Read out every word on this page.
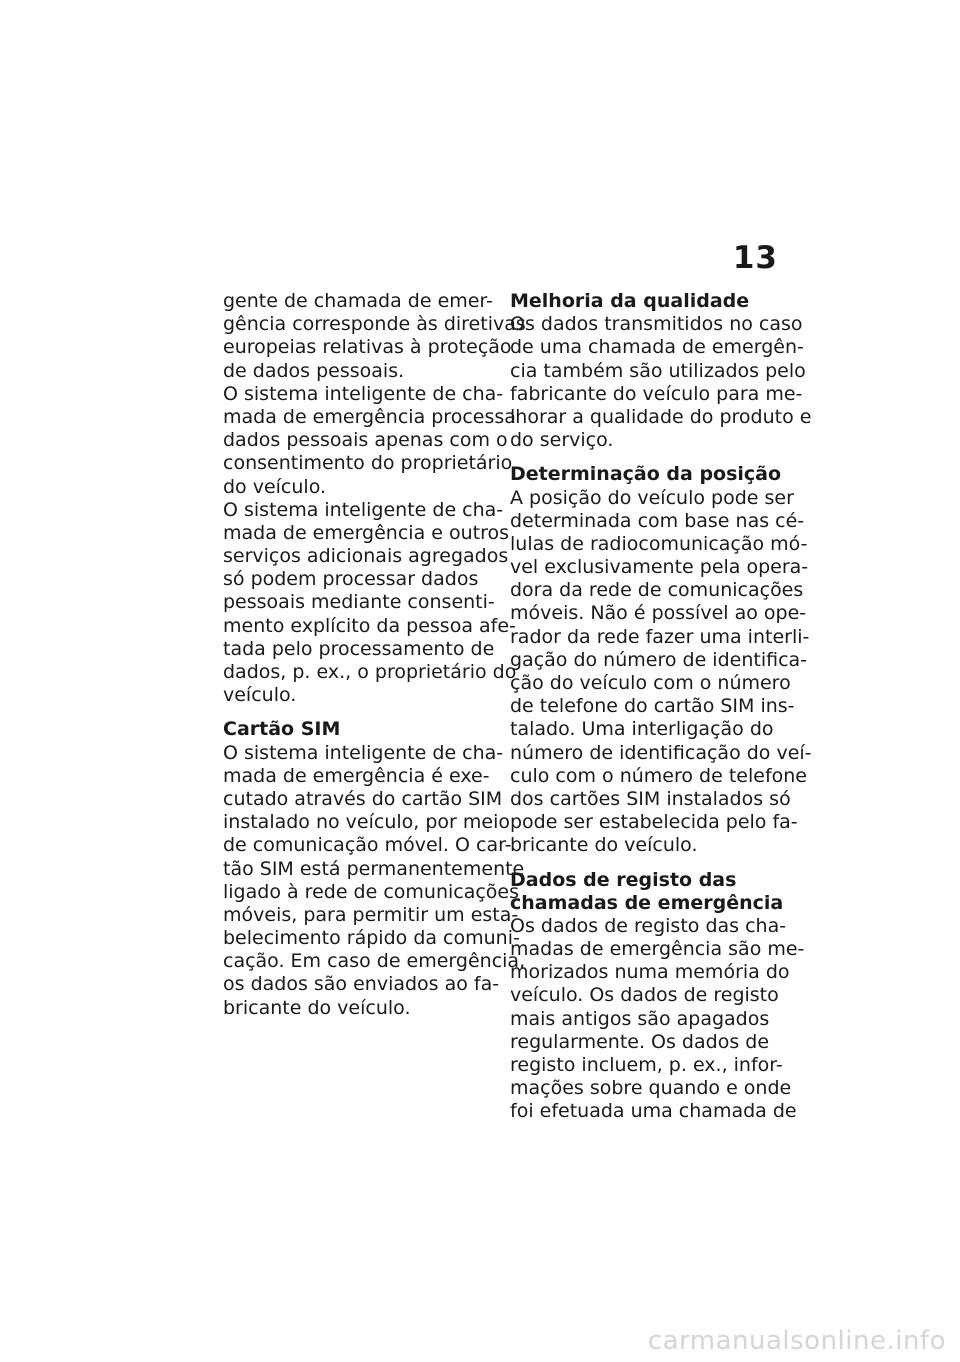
13
gente de chamada de emer-
gência corresponde às diretivas
europeias relativas à proteção
de dados pessoais.
O sistema inteligente de cha-
mada de emergência processa
dados pessoais apenas com o
consentimento do proprietário
do veículo.
O sistema inteligente de cha-
mada de emergência e outros
serviços adicionais agregados
só podem processar dados
pessoais mediante consenti-
mento explícito da pessoa afe-
tada pelo processamento de
dados, p. ex., o proprietário do
veículo.
Cartão SIM
O sistema inteligente de cha-
mada de emergência é exe-
cutado através do cartão SIM
instalado no veículo, por meio
de comunicação móvel. O car-
tão SIM está permanentemente
ligado à rede de comunicações
móveis, para permitir um esta-
belecimento rápido da comuni-
cação. Em caso de emergência,
os dados são enviados ao fa-
bricante do veículo.
Melhoria da qualidade
Os dados transmitidos no caso
de uma chamada de emergên-
cia também são utilizados pelo
fabricante do veículo para me-
lhorar a qualidade do produto e
do serviço.
Determinação da posição
A posição do veículo pode ser
determinada com base nas cé-
lulas de radiocomunicação mó-
vel exclusivamente pela opera-
dora da rede de comunicações
móveis. Não é possível ao ope-
rador da rede fazer uma interli-
gação do número de identifica-
ção do veículo com o número
de telefone do cartão SIM ins-
talado. Uma interligação do
número de identificação do veí-
culo com o número de telefone
dos cartões SIM instalados só
pode ser estabelecida pelo fa-
bricante do veículo.
Dados de registo das
chamadas de emergência
Os dados de registo das cha-
madas de emergência são me-
morizados numa memória do
veículo. Os dados de registo
mais antigos são apagados
regularmente. Os dados de
registo incluem, p. ex., infor-
mações sobre quando e onde
foi efetuada uma chamada de
carmanualsonline.info
